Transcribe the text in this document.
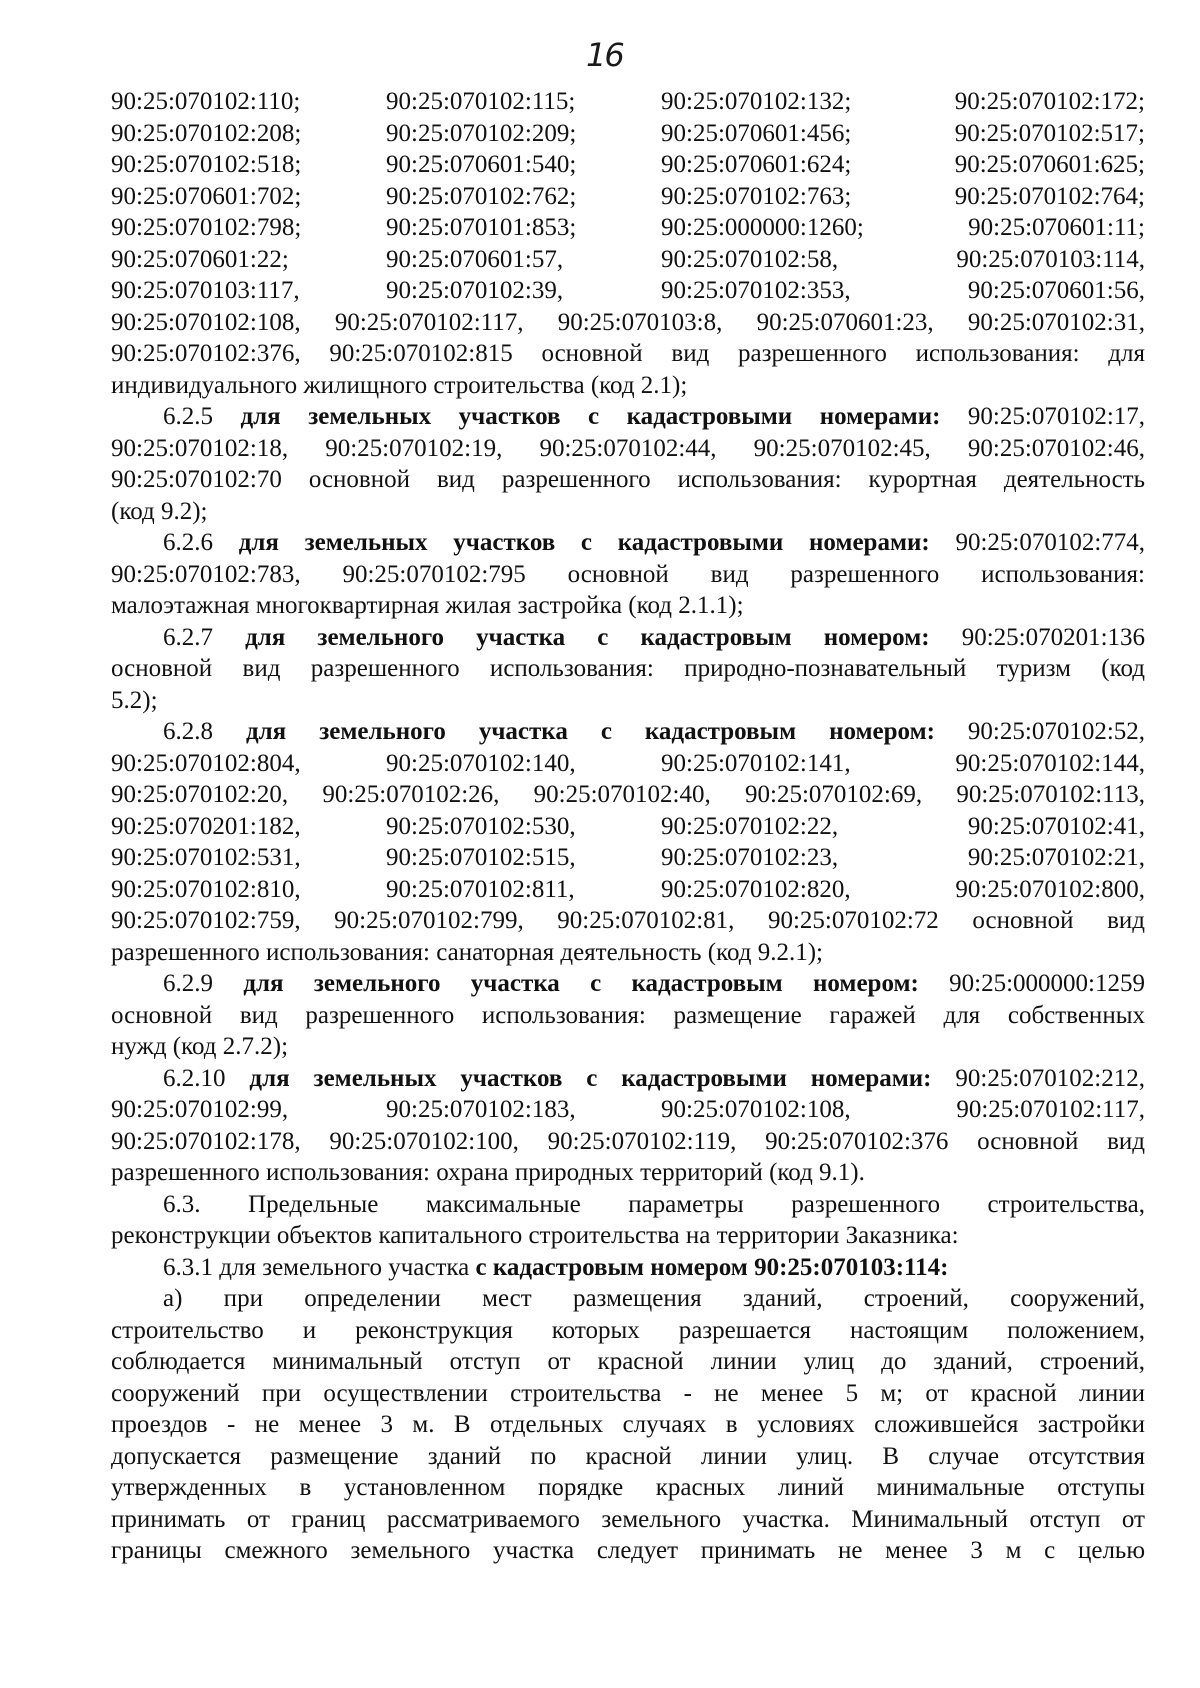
16
90:25:070102:110;	90:25:070102:115;	90:25:070102:132;	90:25:070102:172;
90:25:070102:208;	90:25:070102:209;	90:25:070601:456;	90:25:070102:517;
90:25:070102:518;	90:25:070601:540;	90:25:070601:624;	90:25:070601:625;
90:25:070601:702;	90:25:070102:762;	90:25:070102:763;	90:25:070102:764;
90:25:070102:798;	90:25:070101:853;	90:25:000000:1260;	90:25:070601:11;
90:25:070601:22;	90:25:070601:57,	90:25:070102:58,	90:25:070103:114,
90:25:070103:117,	90:25:070102:39,	90:25:070102:353,	90:25:070601:56,
90:25:070102:108, 90:25:070102:117, 90:25:070103:8, 90:25:070601:23, 90:25:070102:31,
90:25:070102:376, 90:25:070102:815 основной вид разрешенного использования: для
индивидуального жилищного строительства (код 2.1);
6.2.5 для земельных участков с кадастровыми номерами: 90:25:070102:17,
90:25:070102:18, 90:25:070102:19, 90:25:070102:44, 90:25:070102:45, 90:25:070102:46,
90:25:070102:70 основной вид разрешенного использования: курортная деятельность
(код 9.2);
6.2.6 для земельных участков с кадастровыми номерами: 90:25:070102:774,
90:25:070102:783, 90:25:070102:795 основной вид разрешенного использования:
малоэтажная многоквартирная жилая застройка (код 2.1.1);
6.2.7 для земельного участка с кадастровым номером: 90:25:070201:136
основной вид разрешенного использования: природно-познавательный туризм (код
5.2);
6.2.8 для земельного участка с кадастровым номером: 90:25:070102:52,
90:25:070102:804,	90:25:070102:140,	90:25:070102:141,	90:25:070102:144,
90:25:070102:20, 90:25:070102:26, 90:25:070102:40, 90:25:070102:69, 90:25:070102:113,
90:25:070201:182,	90:25:070102:530,	90:25:070102:22,	90:25:070102:41,
90:25:070102:531,	90:25:070102:515,	90:25:070102:23,	90:25:070102:21,
90:25:070102:810,	90:25:070102:811,	90:25:070102:820,	90:25:070102:800,
90:25:070102:759, 90:25:070102:799, 90:25:070102:81, 90:25:070102:72 основной вид
разрешенного использования: санаторная деятельность (код 9.2.1);
6.2.9 для земельного участка с кадастровым номером: 90:25:000000:1259
основной вид разрешенного использования: размещение гаражей для собственных
нужд (код 2.7.2);
6.2.10 для земельных участков с кадастровыми номерами: 90:25:070102:212,
90:25:070102:99,	90:25:070102:183,	90:25:070102:108,	90:25:070102:117,
90:25:070102:178, 90:25:070102:100, 90:25:070102:119, 90:25:070102:376 основной вид
разрешенного использования: охрана природных территорий (код 9.1).
6.3. Предельные максимальные параметры разрешенного строительства,
реконструкции объектов капитального строительства на территории Заказника:
6.3.1 для земельного участка с кадастровым номером 90:25:070103:114:
а) при определении мест размещения зданий, строений, сооружений,
строительство и реконструкция которых разрешается настоящим положением,
соблюдается минимальный отступ от красной линии улиц до зданий, строений,
сооружений при осуществлении строительства - не менее 5 м; от красной линии
проездов - не менее 3 м. В отдельных случаях в условиях сложившейся застройки
допускается размещение зданий по красной линии улиц. В случае отсутствия
утвержденных в установленном порядке красных линий минимальные отступы
принимать от границ рассматриваемого земельного участка. Минимальный отступ от
границы смежного земельного участка следует принимать не менее 3 м с целью
